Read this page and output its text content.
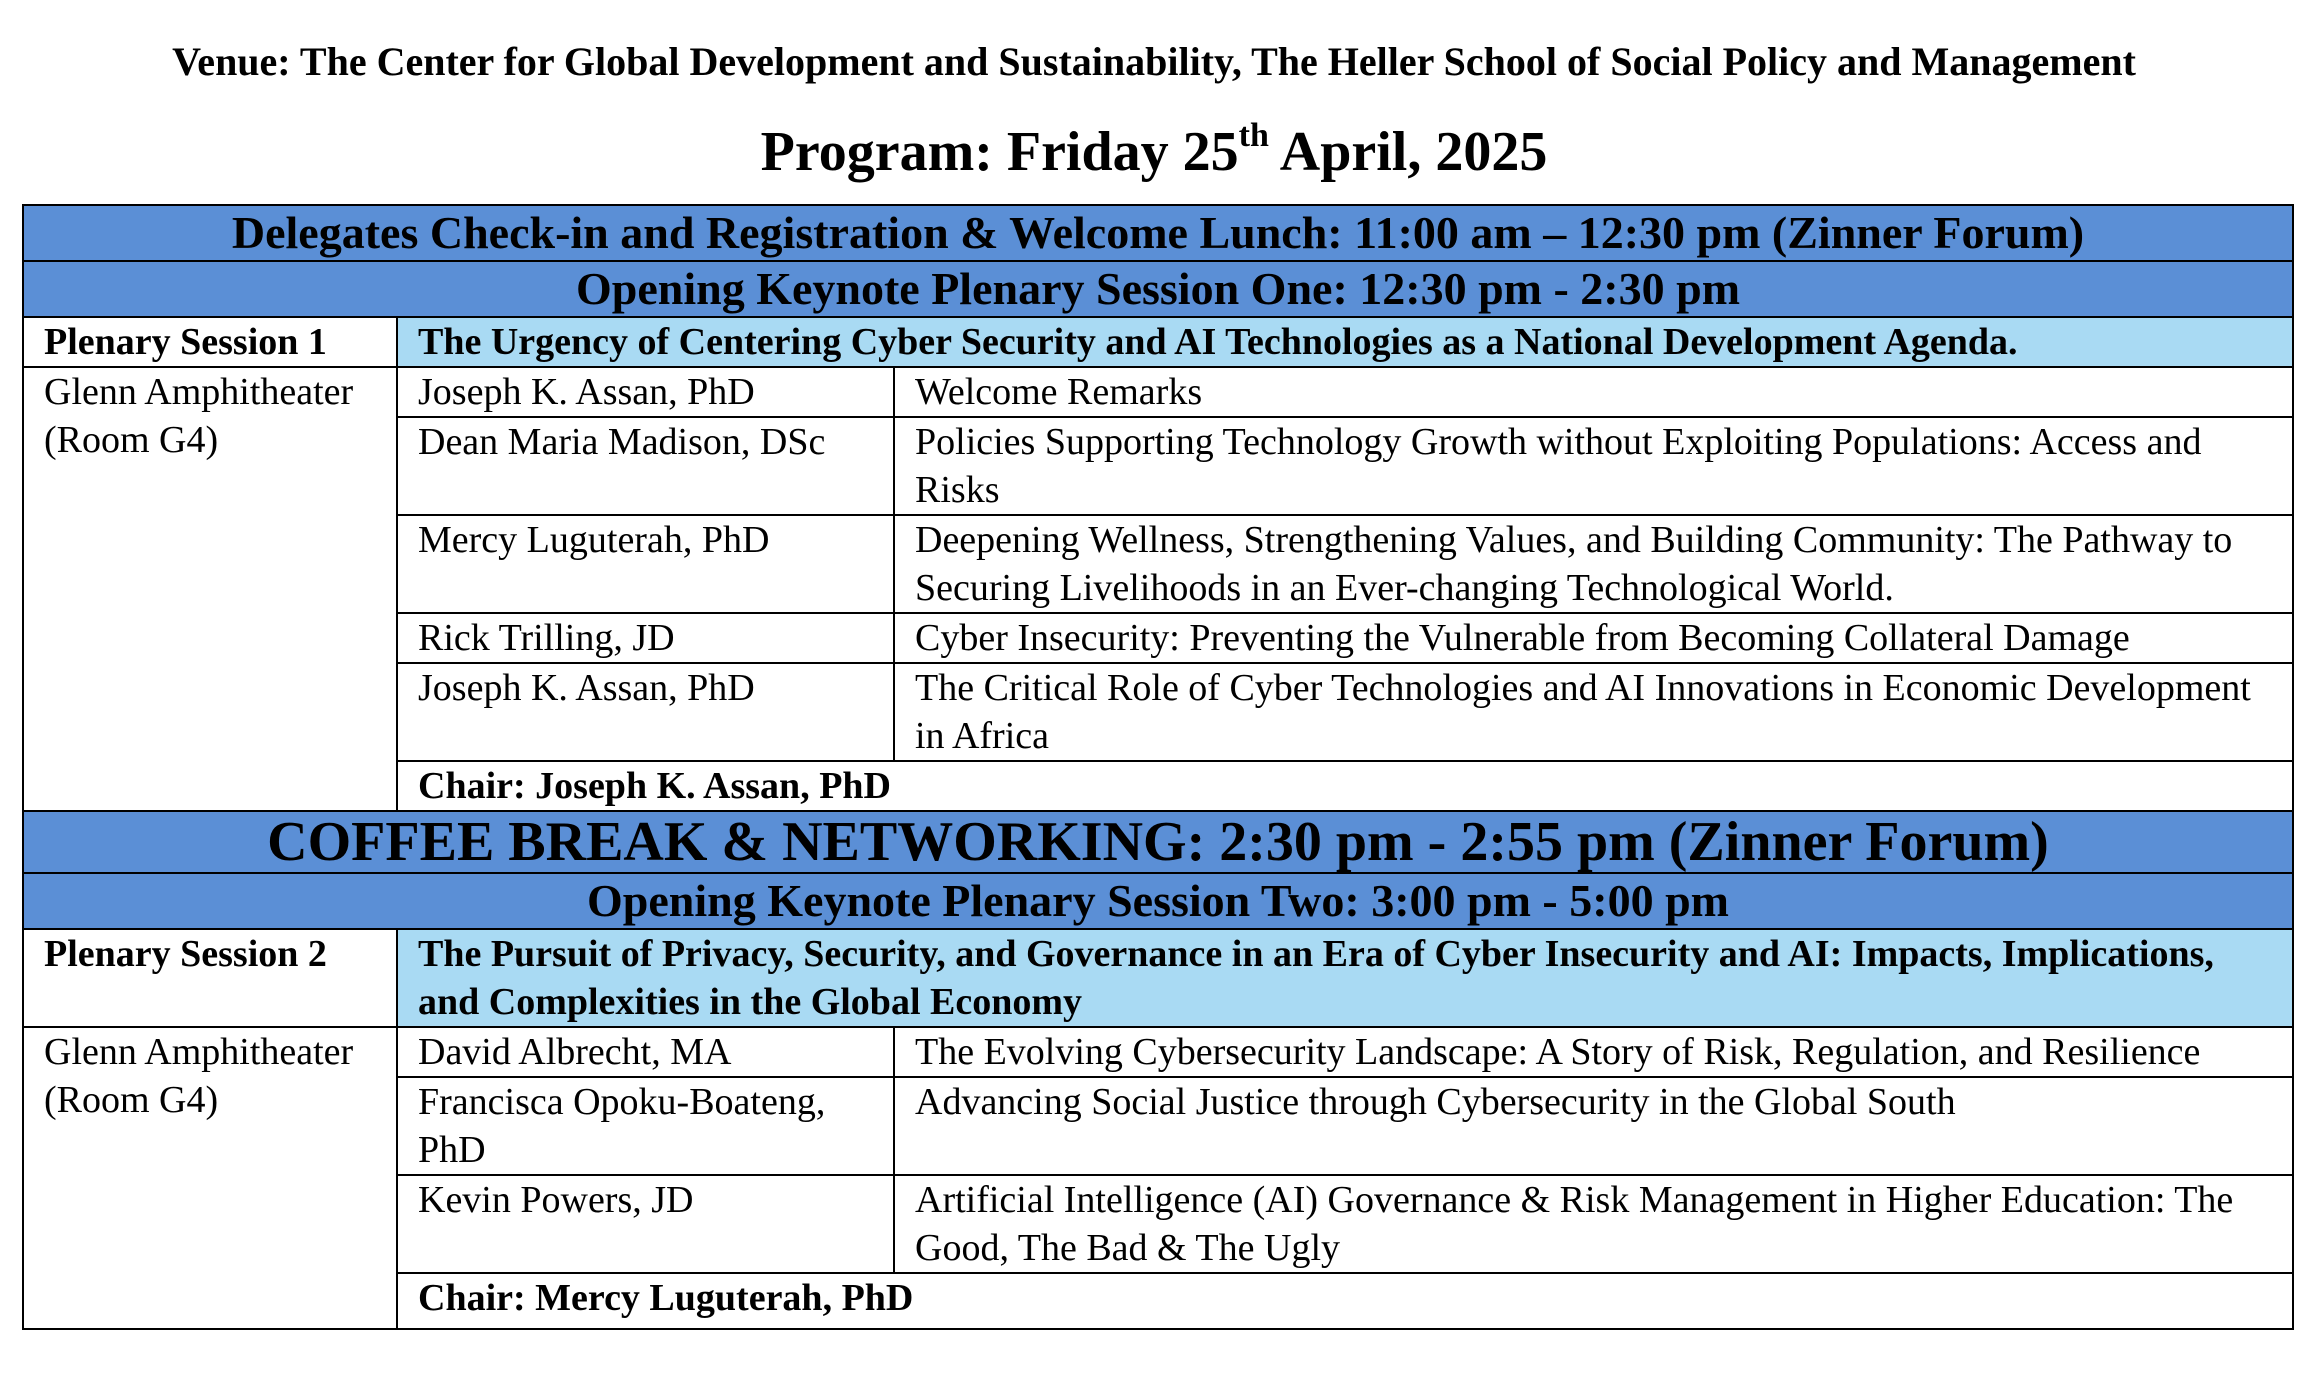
Venue: The Center for Global Development and Sustainability, The Heller School of Social Policy and Management
Program: Friday 25th April, 2025
Delegates Check-in and Registration & Welcome Lunch: 11:00 am – 12:30 pm (Zinner Forum)		
Opening Keynote Plenary Session One: 12:30 pm - 2:30 pm		
Plenary Session 1	The Urgency of Centering Cyber Security and AI Technologies as a National Development Agenda.	
Glenn Amphitheater (Room G4)	Joseph K. Assan, PhD	Welcome Remarks
	Dean Maria Madison, DSc	Policies Supporting Technology Growth without Exploiting Populations: Access and Risks
	Mercy Luguterah, PhD	Deepening Wellness, Strengthening Values, and Building Community: The Pathway to Securing Livelihoods in an Ever-changing Technological World.
	Rick Trilling, JD	Cyber Insecurity: Preventing the Vulnerable from Becoming Collateral Damage
	Joseph K. Assan, PhD	The Critical Role of Cyber Technologies and AI Innovations in Economic Development in Africa
	Chair: Joseph K. Assan, PhD	
COFFEE BREAK & NETWORKING: 2:30 pm - 2:55 pm (Zinner Forum)		
Opening Keynote Plenary Session Two: 3:00 pm - 5:00 pm		
Plenary Session 2	The Pursuit of Privacy, Security, and Governance in an Era of Cyber Insecurity and AI: Impacts, Implications, and Complexities in the Global Economy	
Glenn Amphitheater (Room G4)	David Albrecht, MA	The Evolving Cybersecurity Landscape: A Story of Risk, Regulation, and Resilience
	Francisca Opoku-Boateng, PhD	Advancing Social Justice through Cybersecurity in the Global South
	Kevin Powers, JD	Artificial Intelligence (AI) Governance & Risk Management in Higher Education: The Good, The Bad & The Ugly
	Chair: Mercy Luguterah, PhD	
